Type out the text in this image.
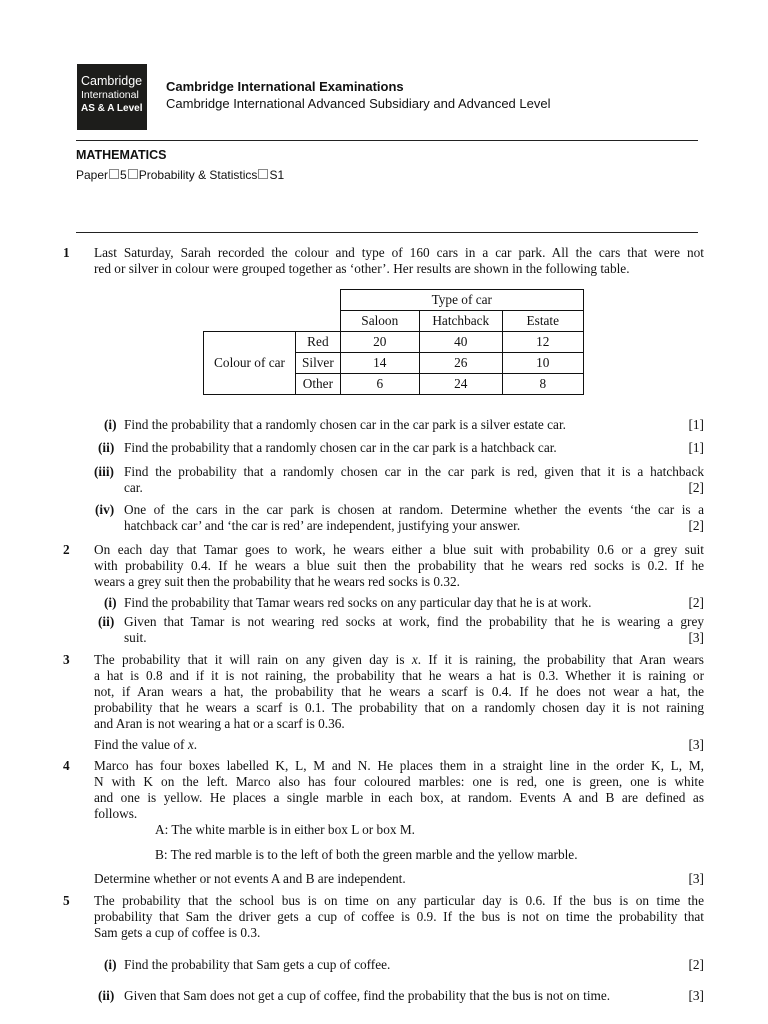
Cambridge
International
AS & A Level
Cambridge International Examinations
Cambridge International Advanced Subsidiary and Advanced Level
MATHEMATICS
Paper 5 Probability & Statistics S1
1 Last Saturday, Sarah recorded the colour and type of 160 cars in a car park. All the cars that were not
red or silver in colour were grouped together as ‘other’. Her results are shown in the following table.
		Type of car		
		Saloon	Hatchback	Estate
Colour of car	Red	20	40	12
	Silver	14	26	10
	Other	6	24	8
(i) Find the probability that a randomly chosen car in the car park is a silver estate car.	[1]
(ii) Find the probability that a randomly chosen car in the car park is a hatchback car.	[1]
(iii) Find the probability that a randomly chosen car in the car park is red, given that it is a hatchback
car.	[2]
(iv) One of the cars in the car park is chosen at random. Determine whether the events ‘the car is a
hatchback car’ and ‘the car is red’ are independent, justifying your answer.	[2]
2 On each day that Tamar goes to work, he wears either a blue suit with probability 0.6 or a grey suit
with probability 0.4. If he wears a blue suit then the probability that he wears red socks is 0.2. If he
wears a grey suit then the probability that he wears red socks is 0.32.
(i) Find the probability that Tamar wears red socks on any particular day that he is at work.	[2]
(ii) Given that Tamar is not wearing red socks at work, find the probability that he is wearing a grey
suit.	[3]
3 The probability that it will rain on any given day is x. If it is raining, the probability that Aran wears
a hat is 0.8 and if it is not raining, the probability that he wears a hat is 0.3. Whether it is raining or
not, if Aran wears a hat, the probability that he wears a scarf is 0.4. If he does not wear a hat, the
probability that he wears a scarf is 0.1. The probability that on a randomly chosen day it is not raining
and Aran is not wearing a hat or a scarf is 0.36.
Find the value of x.	[3]
4 Marco has four boxes labelled K, L, M and N. He places them in a straight line in the order K, L, M,
N with K on the left. Marco also has four coloured marbles: one is red, one is green, one is white
and one is yellow. He places a single marble in each box, at random. Events A and B are defined as
follows.
A: The white marble is in either box L or box M.
B: The red marble is to the left of both the green marble and the yellow marble.
Determine whether or not events A and B are independent.	[3]
5 The probability that the school bus is on time on any particular day is 0.6. If the bus is on time the
probability that Sam the driver gets a cup of coffee is 0.9. If the bus is not on time the probability that
Sam gets a cup of coffee is 0.3.
(i) Find the probability that Sam gets a cup of coffee.	[2]
(ii) Given that Sam does not get a cup of coffee, find the probability that the bus is not on time.	[3]
